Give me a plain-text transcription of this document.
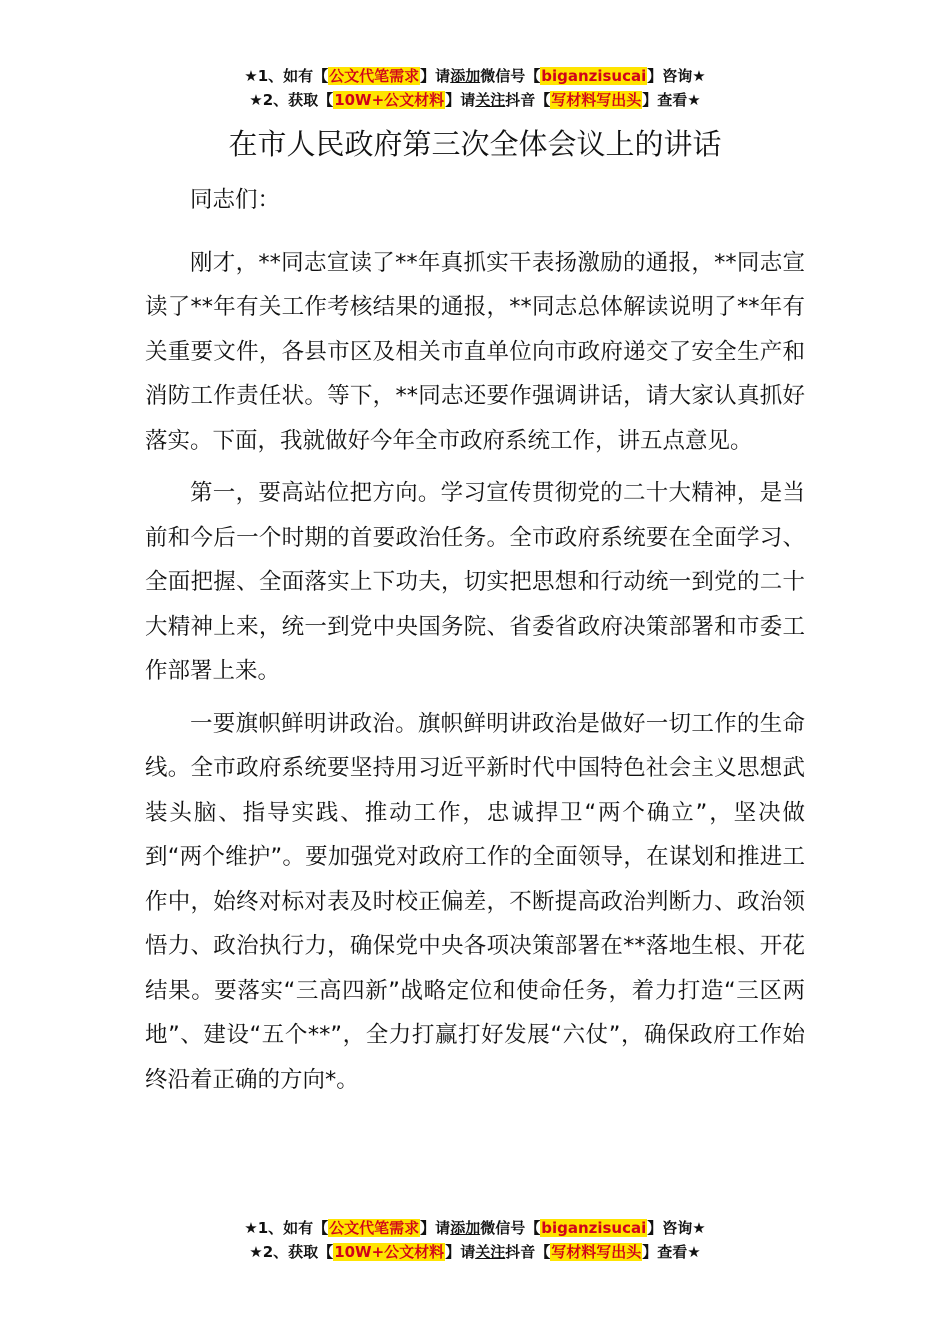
★1、如有【公文代笔需求】请添加微信号【biganzisucai】咨询★
★2、获取【10W+公文材料】请关注抖音【写材料写出头】查看★
在市人民政府第三次全体会议上的讲话

同志们：

刚才，**同志宣读了**年真抓实干表扬激励的通报，**同志宣读了**年有关工作考核结果的通报，**同志总体解读说明了**年有关重要文件，各县市区及相关市直单位向市政府递交了安全生产和消防工作责任状。等下，**同志还要作强调讲话，请大家认真抓好落实。下面，我就做好今年全市政府系统工作，讲五点意见。

第一，要高站位把方向。学习宣传贯彻党的二十大精神，是当前和今后一个时期的首要政治任务。全市政府系统要在全面学习、全面把握、全面落实上下功夫，切实把思想和行动统一到党的二十大精神上来，统一到党中央国务院、省委省政府决策部署和市委工作部署上来。

一要旗帜鲜明讲政治。旗帜鲜明讲政治是做好一切工作的生命线。全市政府系统要坚持用习近平新时代中国特色社会主义思想武装头脑、指导实践、推动工作，忠诚捍卫“两个确立”，坚决做到“两个维护”。要加强党对政府工作的全面领导，在谋划和推进工作中，始终对标对表及时校正偏差，不断提高政治判断力、政治领悟力、政治执行力，确保党中央各项决策部署在**落地生根、开花结果。要落实“三高四新”战略定位和使命任务，着力打造“三区两地”、建设“五个**”，全力打赢打好发展“六仗”，确保政府工作始终沿着正确的方向*。

★1、如有【公文代笔需求】请添加微信号【biganzisucai】咨询★
★2、获取【10W+公文材料】请关注抖音【写材料写出头】查看★
